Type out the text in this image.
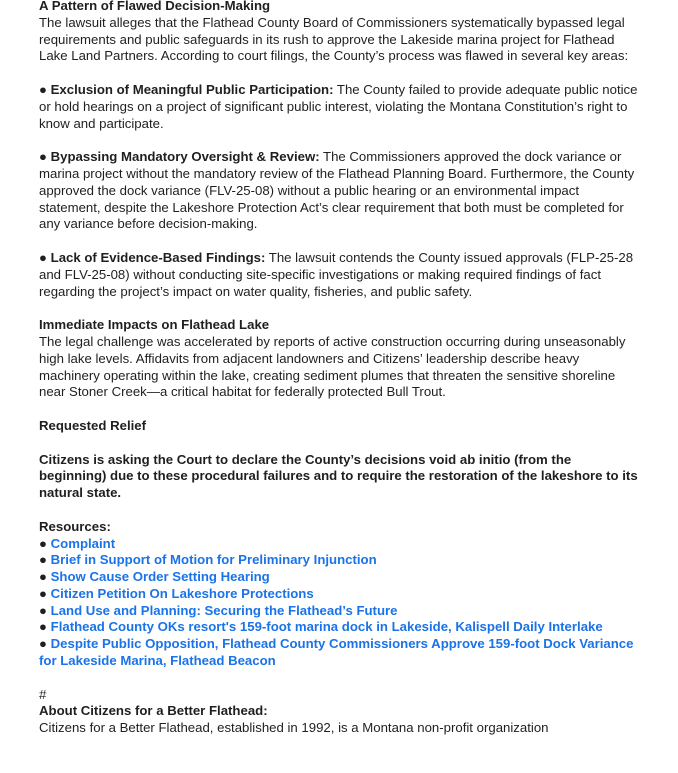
A Pattern of Flawed Decision-Making

The lawsuit alleges that the Flathead County Board of Commissioners systematically bypassed legal requirements and public safeguards in its rush to approve the Lakeside marina project for Flathead Lake Land Partners. According to court filings, the County’s process was flawed in several key areas:

● Exclusion of Meaningful Public Participation: The County failed to provide adequate public notice or hold hearings on a project of significant public interest, violating the Montana Constitution’s right to know and participate.

● Bypassing Mandatory Oversight & Review: The Commissioners approved the dock variance or marina project without the mandatory review of the Flathead Planning Board. Furthermore, the County approved the dock variance (FLV-25-08) without a public hearing or an environmental impact statement, despite the Lakeshore Protection Act’s clear requirement that both must be completed for any variance before decision-making.

● Lack of Evidence-Based Findings: The lawsuit contends the County issued approvals (FLP-25-28 and FLV-25-08) without conducting site-specific investigations or making required findings of fact regarding the project’s impact on water quality, fisheries, and public safety.

Immediate Impacts on Flathead Lake

The legal challenge was accelerated by reports of active construction occurring during unseasonably high lake levels. Affidavits from adjacent landowners and Citizens’ leadership describe heavy machinery operating within the lake, creating sediment plumes that threaten the sensitive shoreline near Stoner Creek—a critical habitat for federally protected Bull Trout.

Requested Relief

Citizens is asking the Court to declare the County’s decisions void ab initio (from the beginning) due to these procedural failures and to require the restoration of the lakeshore to its natural state.

Resources:

● Complaint
● Brief in Support of Motion for Preliminary Injunction
● Show Cause Order Setting Hearing
● Citizen Petition On Lakeshore Protections
● Land Use and Planning: Securing the Flathead’s Future
● Flathead County OKs resort's 159-foot marina dock in Lakeside, Kalispell Daily Interlake
● Despite Public Opposition, Flathead County Commissioners Approve 159-foot Dock Variance for Lakeside Marina, Flathead Beacon

#

About Citizens for a Better Flathead:

Citizens for a Better Flathead, established in 1992, is a Montana non-profit organization
